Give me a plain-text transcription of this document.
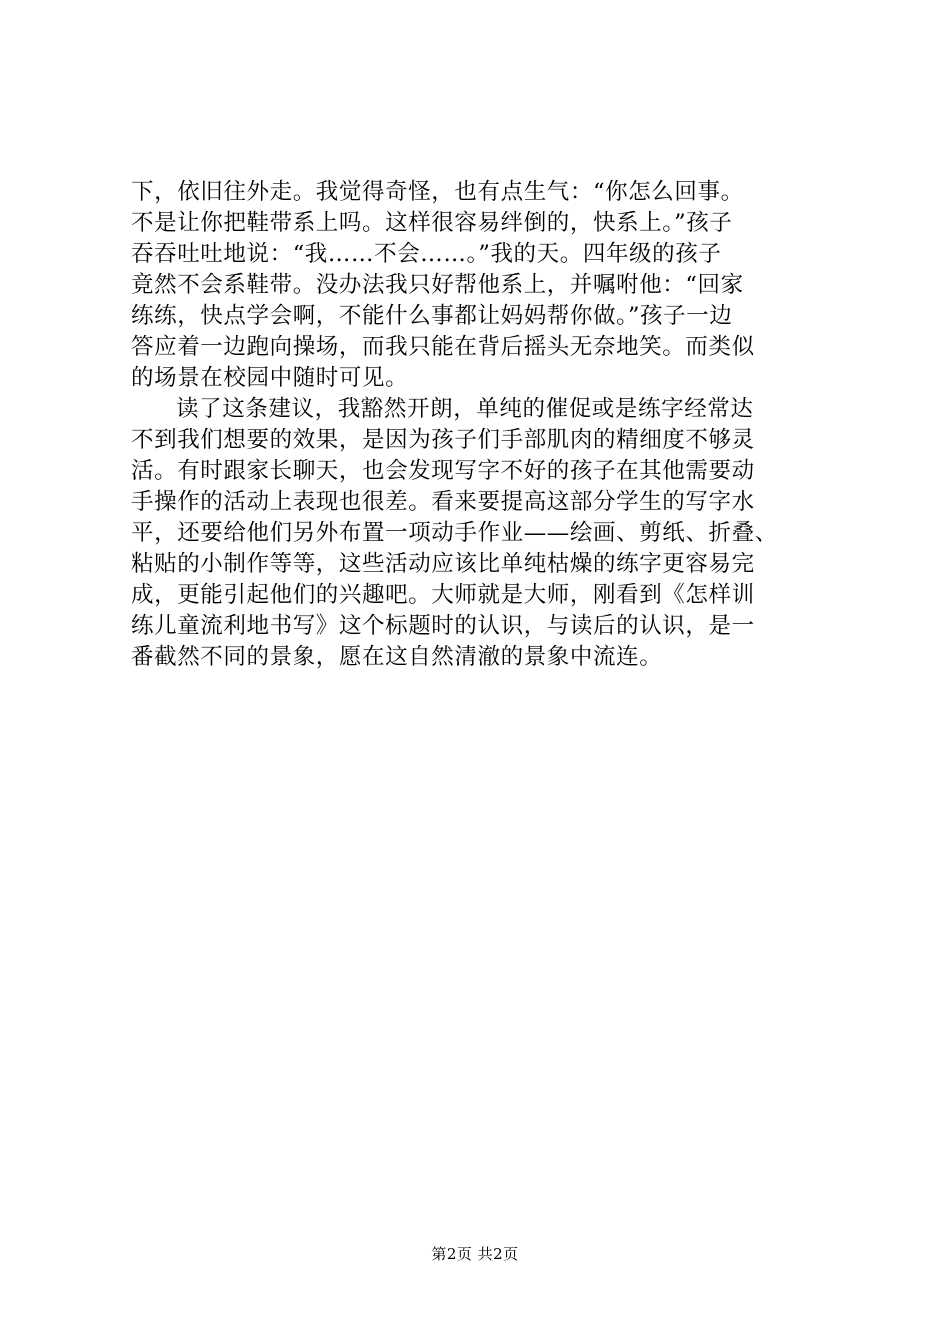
下，依旧往外走。我觉得奇怪，也有点生气：“你怎么回事。
不是让你把鞋带系上吗。这样很容易绊倒的，快系上。”孩子
吞吞吐吐地说：“我……不会……。”我的天。四年级的孩子
竟然不会系鞋带。没办法我只好帮他系上，并嘱咐他：“回家
练练，快点学会啊，不能什么事都让妈妈帮你做。”孩子一边
答应着一边跑向操场，而我只能在背后摇头无奈地笑。而类似
的场景在校园中随时可见。
读了这条建议，我豁然开朗，单纯的催促或是练字经常达
不到我们想要的效果，是因为孩子们手部肌肉的精细度不够灵
活。有时跟家长聊天，也会发现写字不好的孩子在其他需要动
手操作的活动上表现也很差。看来要提高这部分学生的写字水
平，还要给他们另外布置一项动手作业——绘画、剪纸、折叠、
粘贴的小制作等等，这些活动应该比单纯枯燥的练字更容易完
成，更能引起他们的兴趣吧。大师就是大师，刚看到《怎样训
练儿童流利地书写》这个标题时的认识，与读后的认识，是一
番截然不同的景象，愿在这自然清澈的景象中流连。
第2页 共2页
